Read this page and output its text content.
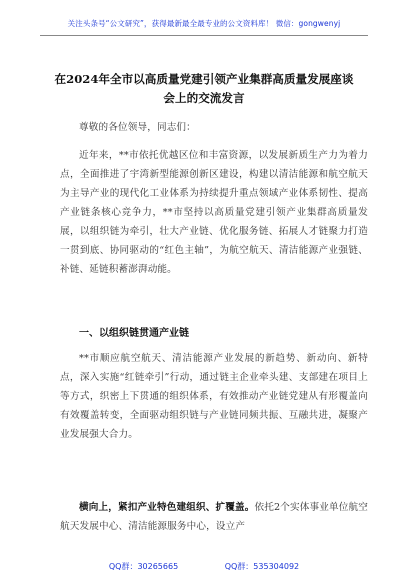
关注头条号“公文研究”，获得最新最全最专业的公文资料库！ 微信：gongwenyj
在2024年全市以高质量党建引领产业集群高质量发展座谈
会上的交流发言
尊敬的各位领导，同志们：
近年来，**市依托优越区位和丰富资源，以发展新质生产力为着力点，全面推进了宇湾新型能源创新区建设，构建以清洁能源和航空航天为主导产业的现代化工业体系为持续提升重点领域产业体系韧性、提高产业链条核心竞争力，**市坚持以高质量党建引领产业集群高质量发展，以组织链为牵引，壮大产业链、优化服务链、拓展人才链聚力打造一贯到底、协同驱动的“红色主轴”，为航空航天、清洁能源产业强链、补链、延链积蓄澎湃动能。
一、以组织链贯通产业链
**市顺应航空航天、清洁能源产业发展的新趋势、新动向、新特点，深入实施“红链牵引”行动，通过链主企业牵头建、支部建在项目上等方式，织密上下贯通的组织体系，有效推动产业链党建从有形覆盖向有效覆盖转变，全面驱动组织链与产业链同频共振、互融共进，凝聚产业发展强大合力。
横向上，紧扣产业特色建组织、扩覆盖。依托2个实体事业单位航空航天发展中心、清洁能源服务中心，设立产
QQ群：30265665	QQ群：535304092
